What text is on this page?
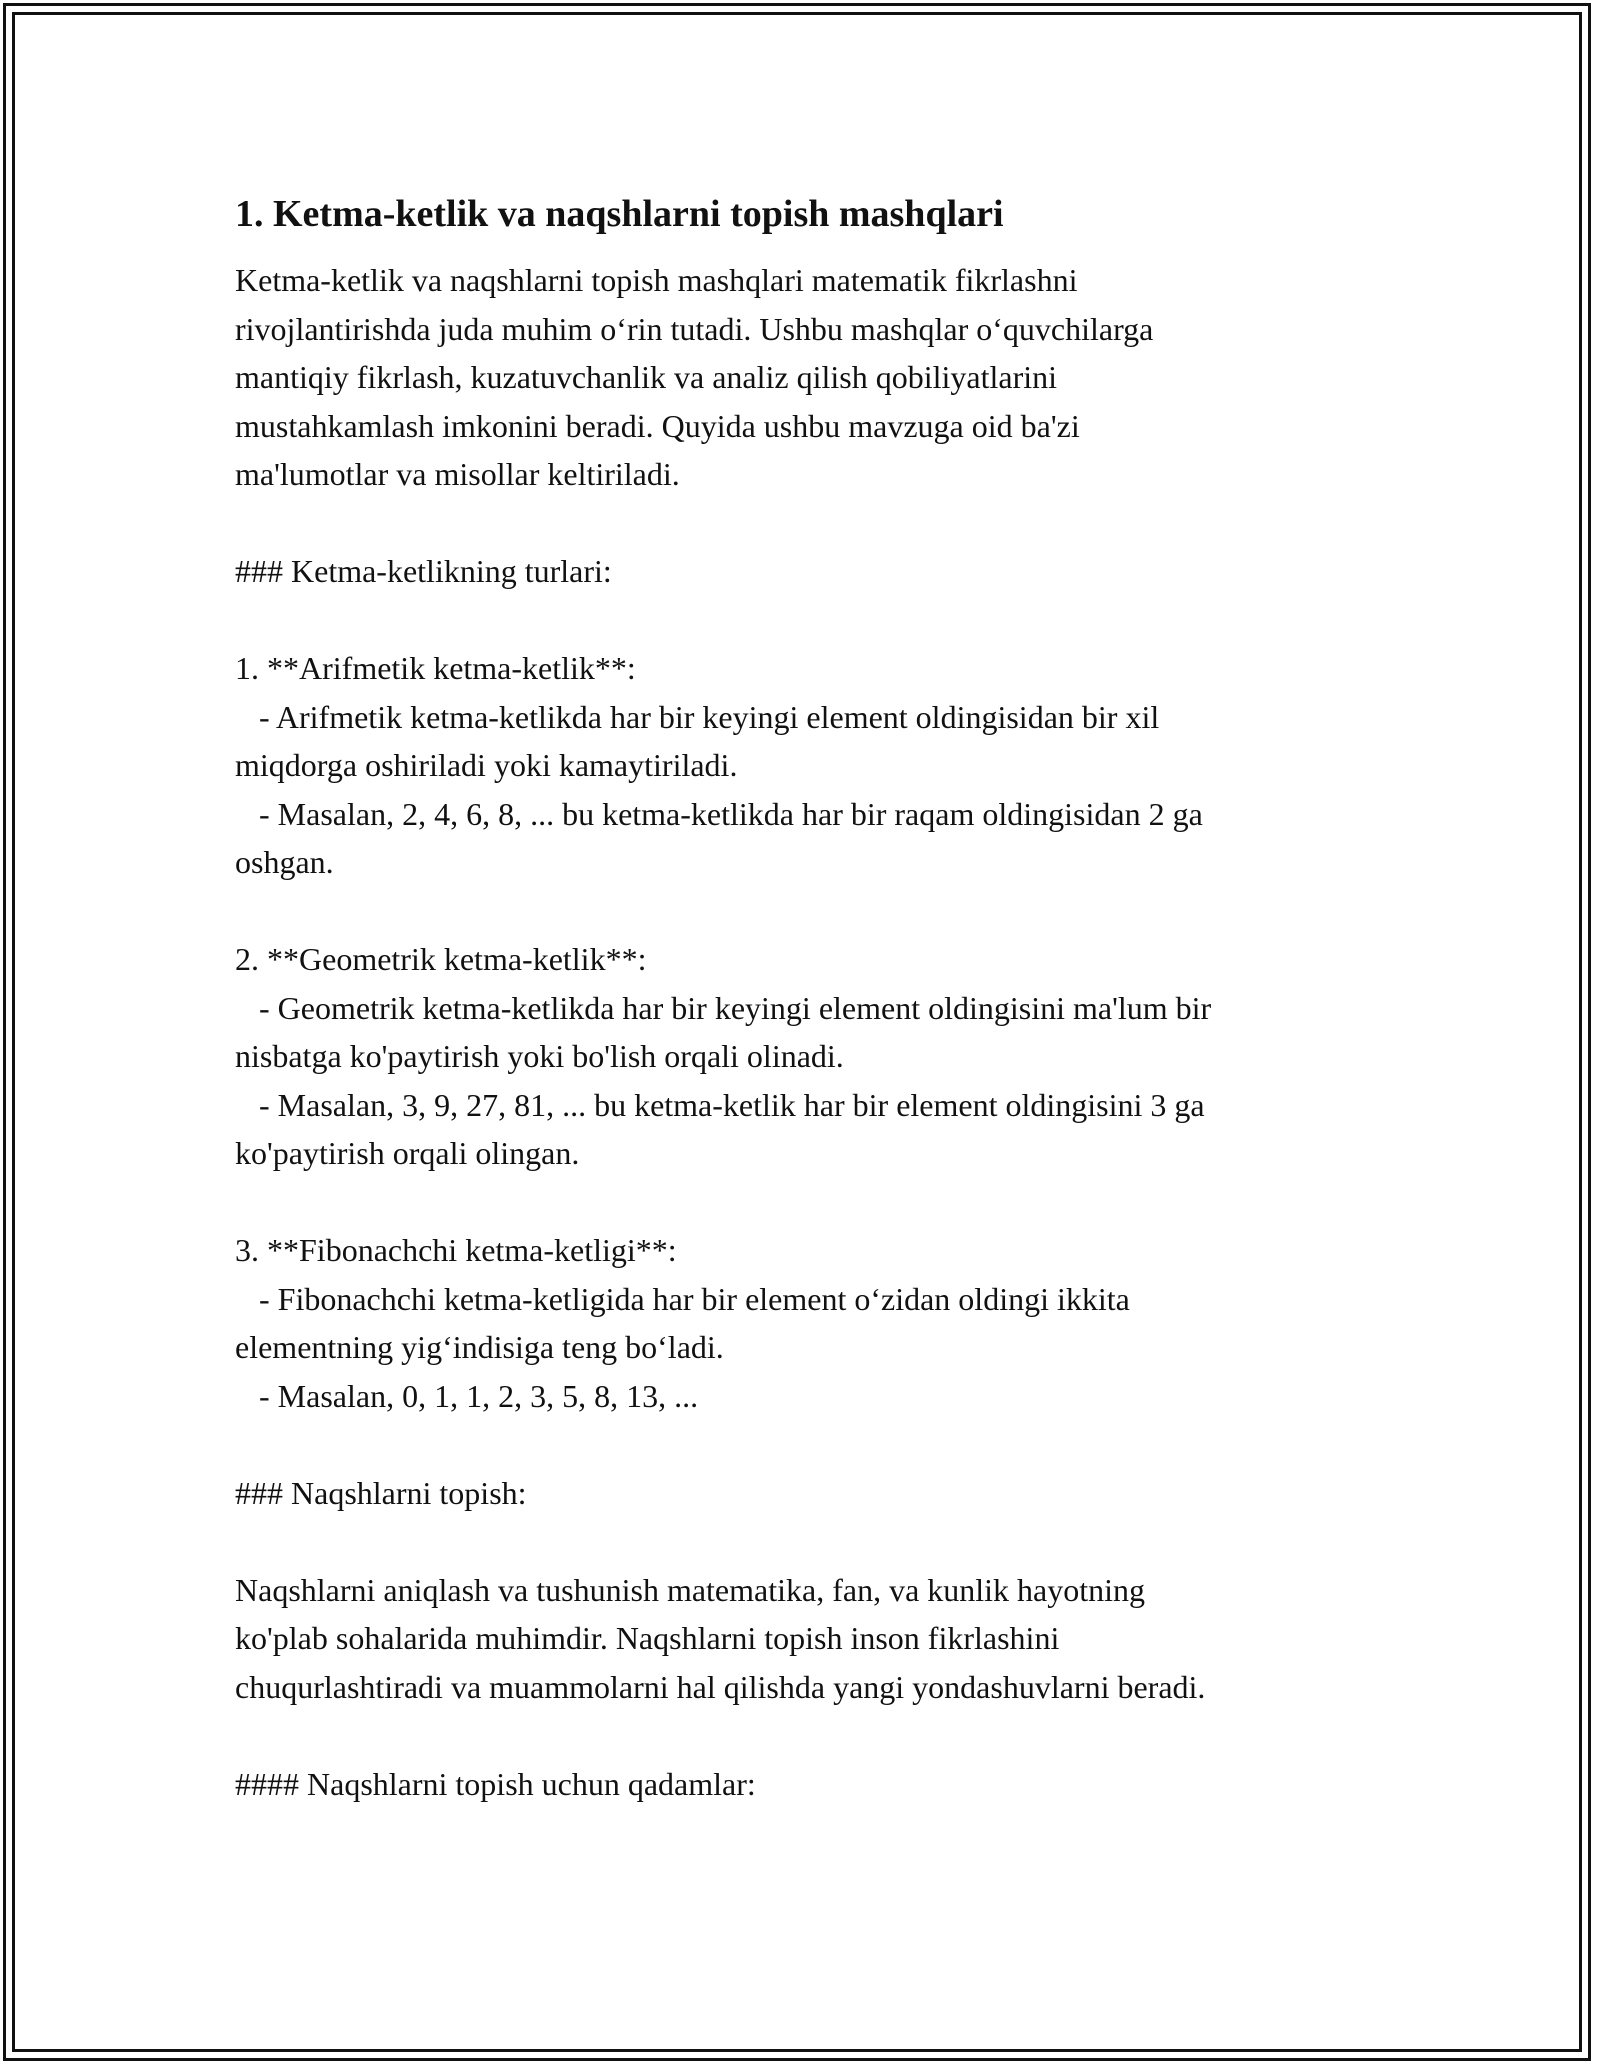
1. Ketma-ketlik va naqshlarni topish mashqlari

Ketma-ketlik va naqshlarni topish mashqlari matematik fikrlashni
rivojlantirishda juda muhim o‘rin tutadi. Ushbu mashqlar o‘quvchilarga
mantiqiy fikrlash, kuzatuvchanlik va analiz qilish qobiliyatlarini
mustahkamlash imkonini beradi. Quyida ushbu mavzuga oid ba'zi
ma'lumotlar va misollar keltiriladi.

### Ketma-ketlikning turlari:

1. **Arifmetik ketma-ketlik**:

- Arifmetik ketma-ketlikda har bir keyingi element oldingisidan bir xil
miqdorga oshiriladi yoki kamaytiriladi.
- Masalan, 2, 4, 6, 8, ... bu ketma-ketlikda har bir raqam oldingisidan 2 ga
oshgan.

2. **Geometrik ketma-ketlik**:

- Geometrik ketma-ketlikda har bir keyingi element oldingisini ma'lum bir
nisbatga ko'paytirish yoki bo'lish orqali olinadi.
- Masalan, 3, 9, 27, 81, ... bu ketma-ketlik har bir element oldingisini 3 ga
ko'paytirish orqali olingan.

3. **Fibonachchi ketma-ketligi**:

- Fibonachchi ketma-ketligida har bir element o‘zidan oldingi ikkita
elementning yig‘indisiga teng bo‘ladi.
- Masalan, 0, 1, 1, 2, 3, 5, 8, 13, ...

### Naqshlarni topish:

Naqshlarni aniqlash va tushunish matematika, fan, va kunlik hayotning
ko'plab sohalarida muhimdir. Naqshlarni topish inson fikrlashini
chuqurlashtiradi va muammolarni hal qilishda yangi yondashuvlarni beradi.

#### Naqshlarni topish uchun qadamlar:
